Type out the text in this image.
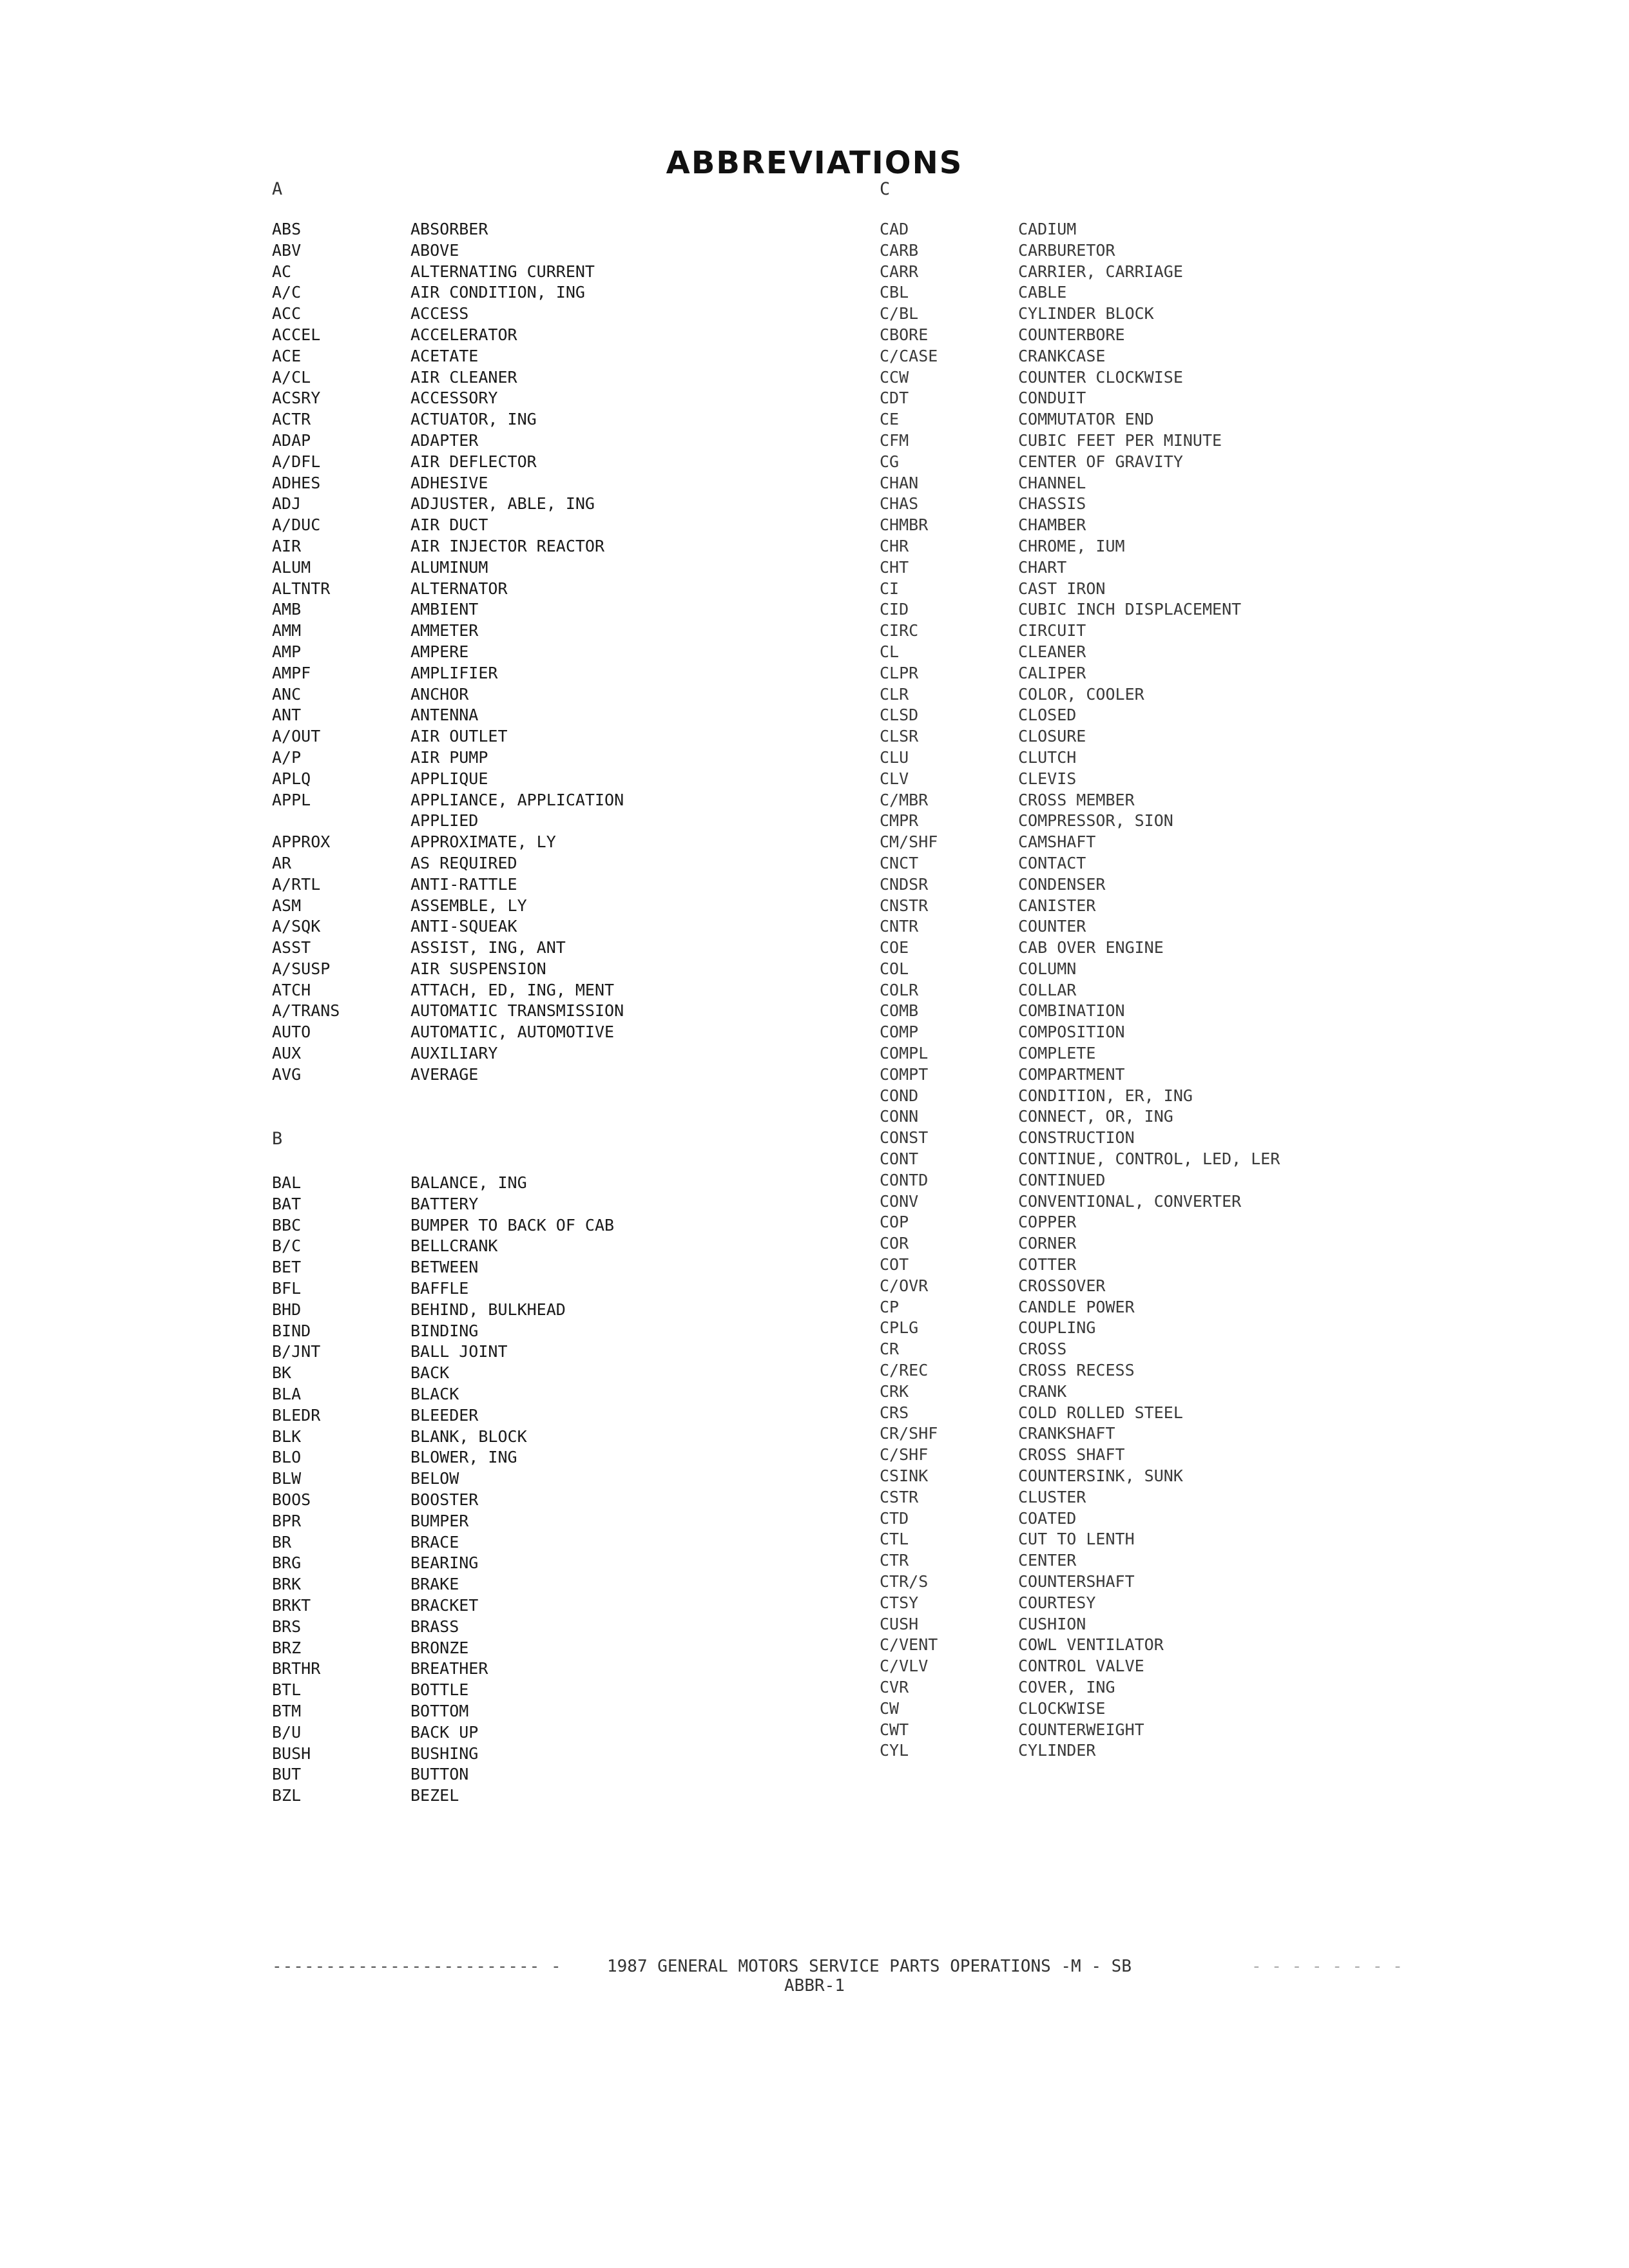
ABBREVIATIONS
A
ABS	ABSORBER
ABV	ABOVE
AC	ALTERNATING CURRENT
A/C	AIR CONDITION, ING
ACC	ACCESS
ACCEL	ACCELERATOR
ACE	ACETATE
A/CL	AIR CLEANER
ACSRY	ACCESSORY
ACTR	ACTUATOR, ING
ADAP	ADAPTER
A/DFL	AIR DEFLECTOR
ADHES	ADHESIVE
ADJ	ADJUSTER, ABLE, ING
A/DUC	AIR DUCT
AIR	AIR INJECTOR REACTOR
ALUM	ALUMINUM
ALTNTR	ALTERNATOR
AMB	AMBIENT
AMM	AMMETER
AMP	AMPERE
AMPF	AMPLIFIER
ANC	ANCHOR
ANT	ANTENNA
A/OUT	AIR OUTLET
A/P	AIR PUMP
APLQ	APPLIQUE
APPL	APPLIANCE, APPLICATION
APPLIED
APPROX	APPROXIMATE, LY
AR	AS REQUIRED
A/RTL	ANTI-RATTLE
ASM	ASSEMBLE, LY
A/SQK	ANTI-SQUEAK
ASST	ASSIST, ING, ANT
A/SUSP	AIR SUSPENSION
ATCH	ATTACH, ED, ING, MENT
A/TRANS	AUTOMATIC TRANSMISSION
AUTO	AUTOMATIC, AUTOMOTIVE
AUX	AUXILIARY
AVG	AVERAGE
B
BAL	BALANCE, ING
BAT	BATTERY
BBC	BUMPER TO BACK OF CAB
B/C	BELLCRANK
BET	BETWEEN
BFL	BAFFLE
BHD	BEHIND, BULKHEAD
BIND	BINDING
B/JNT	BALL JOINT
BK	BACK
BLA	BLACK
BLEDR	BLEEDER
BLK	BLANK, BLOCK
BLO	BLOWER, ING
BLW	BELOW
BOOS	BOOSTER
BPR	BUMPER
BR	BRACE
BRG	BEARING
BRK	BRAKE
BRKT	BRACKET
BRS	BRASS
BRZ	BRONZE
BRTHR	BREATHER
BTL	BOTTLE
BTM	BOTTOM
B/U	BACK UP
BUSH	BUSHING
BUT	BUTTON
BZL	BEZEL
C
CAD	CADIUM
CARB	CARBURETOR
CARR	CARRIER, CARRIAGE
CBL	CABLE
C/BL	CYLINDER BLOCK
CBORE	COUNTERBORE
C/CASE	CRANKCASE
CCW	COUNTER CLOCKWISE
CDT	CONDUIT
CE	COMMUTATOR END
CFM	CUBIC FEET PER MINUTE
CG	CENTER OF GRAVITY
CHAN	CHANNEL
CHAS	CHASSIS
CHMBR	CHAMBER
CHR	CHROME, IUM
CHT	CHART
CI	CAST IRON
CID	CUBIC INCH DISPLACEMENT
CIRC	CIRCUIT
CL	CLEANER
CLPR	CALIPER
CLR	COLOR, COOLER
CLSD	CLOSED
CLSR	CLOSURE
CLU	CLUTCH
CLV	CLEVIS
C/MBR	CROSS MEMBER
CMPR	COMPRESSOR, SION
CM/SHF	CAMSHAFT
CNCT	CONTACT
CNDSR	CONDENSER
CNSTR	CANISTER
CNTR	COUNTER
COE	CAB OVER ENGINE
COL	COLUMN
COLR	COLLAR
COMB	COMBINATION
COMP	COMPOSITION
COMPL	COMPLETE
COMPT	COMPARTMENT
COND	CONDITION, ER, ING
CONN	CONNECT, OR, ING
CONST	CONSTRUCTION
CONT	CONTINUE, CONTROL, LED, LER
CONTD	CONTINUED
CONV	CONVENTIONAL, CONVERTER
COP	COPPER
COR	CORNER
COT	COTTER
C/OVR	CROSSOVER
CP	CANDLE POWER
CPLG	COUPLING
CR	CROSS
C/REC	CROSS RECESS
CRK	CRANK
CRS	COLD ROLLED STEEL
CR/SHF	CRANKSHAFT
C/SHF	CROSS SHAFT
CSINK	COUNTERSINK, SUNK
CSTR	CLUSTER
CTD	COATED
CTL	CUT TO LENTH
CTR	CENTER
CTR/S	COUNTERSHAFT
CTSY	COURTESY
CUSH	CUSHION
C/VENT	COWL VENTILATOR
C/VLV	CONTROL VALVE
CVR	COVER, ING
CW	CLOCKWISE
CWT	COUNTERWEIGHT
CYL	CYLINDER
------------------------- -	1987 GENERAL MOTORS SERVICE PARTS OPERATIONS -M - SB	- - - - - - - -
ABBR-1
